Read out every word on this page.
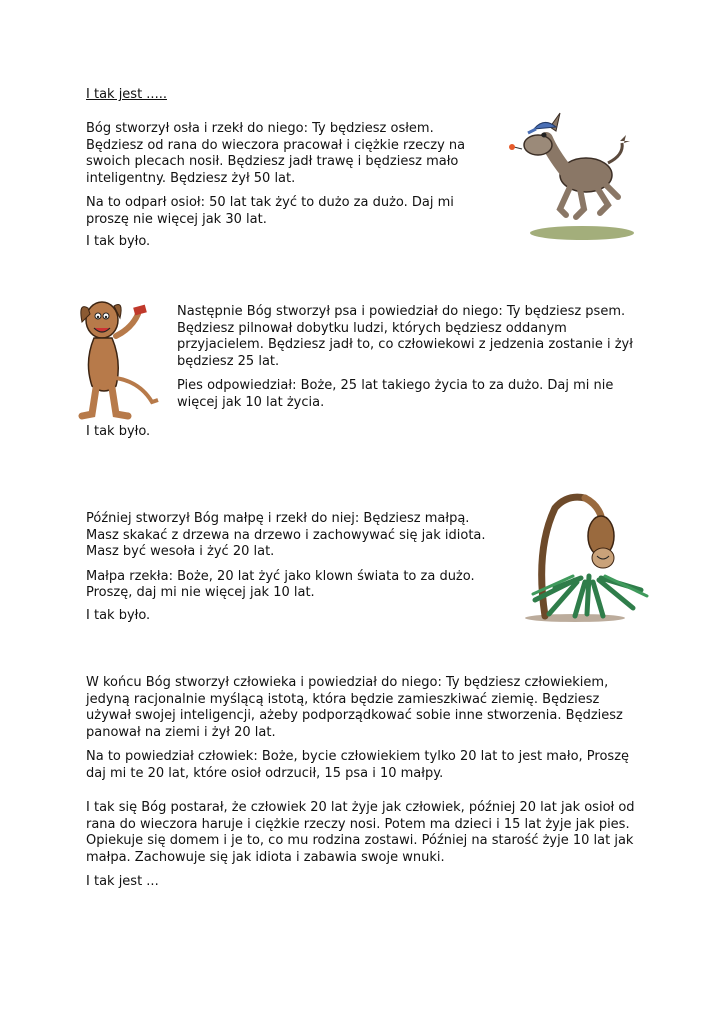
I tak jest .....

Bóg stworzył osła i rzekł do niego: Ty będziesz osłem. Będziesz od rana do wieczora pracował i ciężkie rzeczy na swoich plecach nosił. Będziesz jadł trawę i będziesz mało inteligentny. Będziesz żył 50 lat.

Na to odparł osioł: 50 lat tak żyć to dużo za dużo. Daj mi proszę nie więcej jak 30 lat.

I tak było.

Następnie Bóg stworzył psa i powiedział do niego: Ty będziesz psem. Będziesz pilnował dobytku ludzi, których będziesz oddanym przyjacielem. Będziesz jadł to, co człowiekowi z jedzenia zostanie i żył będziesz 25 lat.

Pies odpowiedział: Boże, 25 lat takiego życia to za dużo. Daj mi nie więcej jak 10 lat życia.

I tak było.

Później stworzył Bóg małpę i rzekł do niej: Będziesz małpą. Masz skakać z drzewa na drzewo i zachowywać się jak idiota. Masz być wesoła i żyć 20 lat.

Małpa rzekła: Boże, 20 lat żyć jako klown świata to za dużo. Proszę, daj mi nie więcej jak 10 lat.

I tak było.

W końcu Bóg stworzył człowieka i powiedział do niego: Ty będziesz człowiekiem, jedyną racjonalnie myślącą istotą, która będzie zamieszkiwać ziemię. Będziesz używał swojej inteligencji, ażeby podporządkować sobie inne stworzenia. Będziesz panował na ziemi i żył 20 lat.

Na to powiedział człowiek: Boże, bycie człowiekiem tylko 20 lat to jest mało, Proszę daj mi te 20 lat, które osioł odrzucił, 15 psa i 10 małpy.

I tak się Bóg postarał, że człowiek 20 lat żyje jak człowiek, później 20 lat jak osioł od rana do wieczora haruje i ciężkie rzeczy nosi. Potem ma dzieci i 15 lat żyje jak pies. Opiekuje się domem i je to, co mu rodzina zostawi. Później na starość żyje 10 lat jak małpa. Zachowuje się jak idiota i zabawia swoje wnuki.

I tak jest ...
